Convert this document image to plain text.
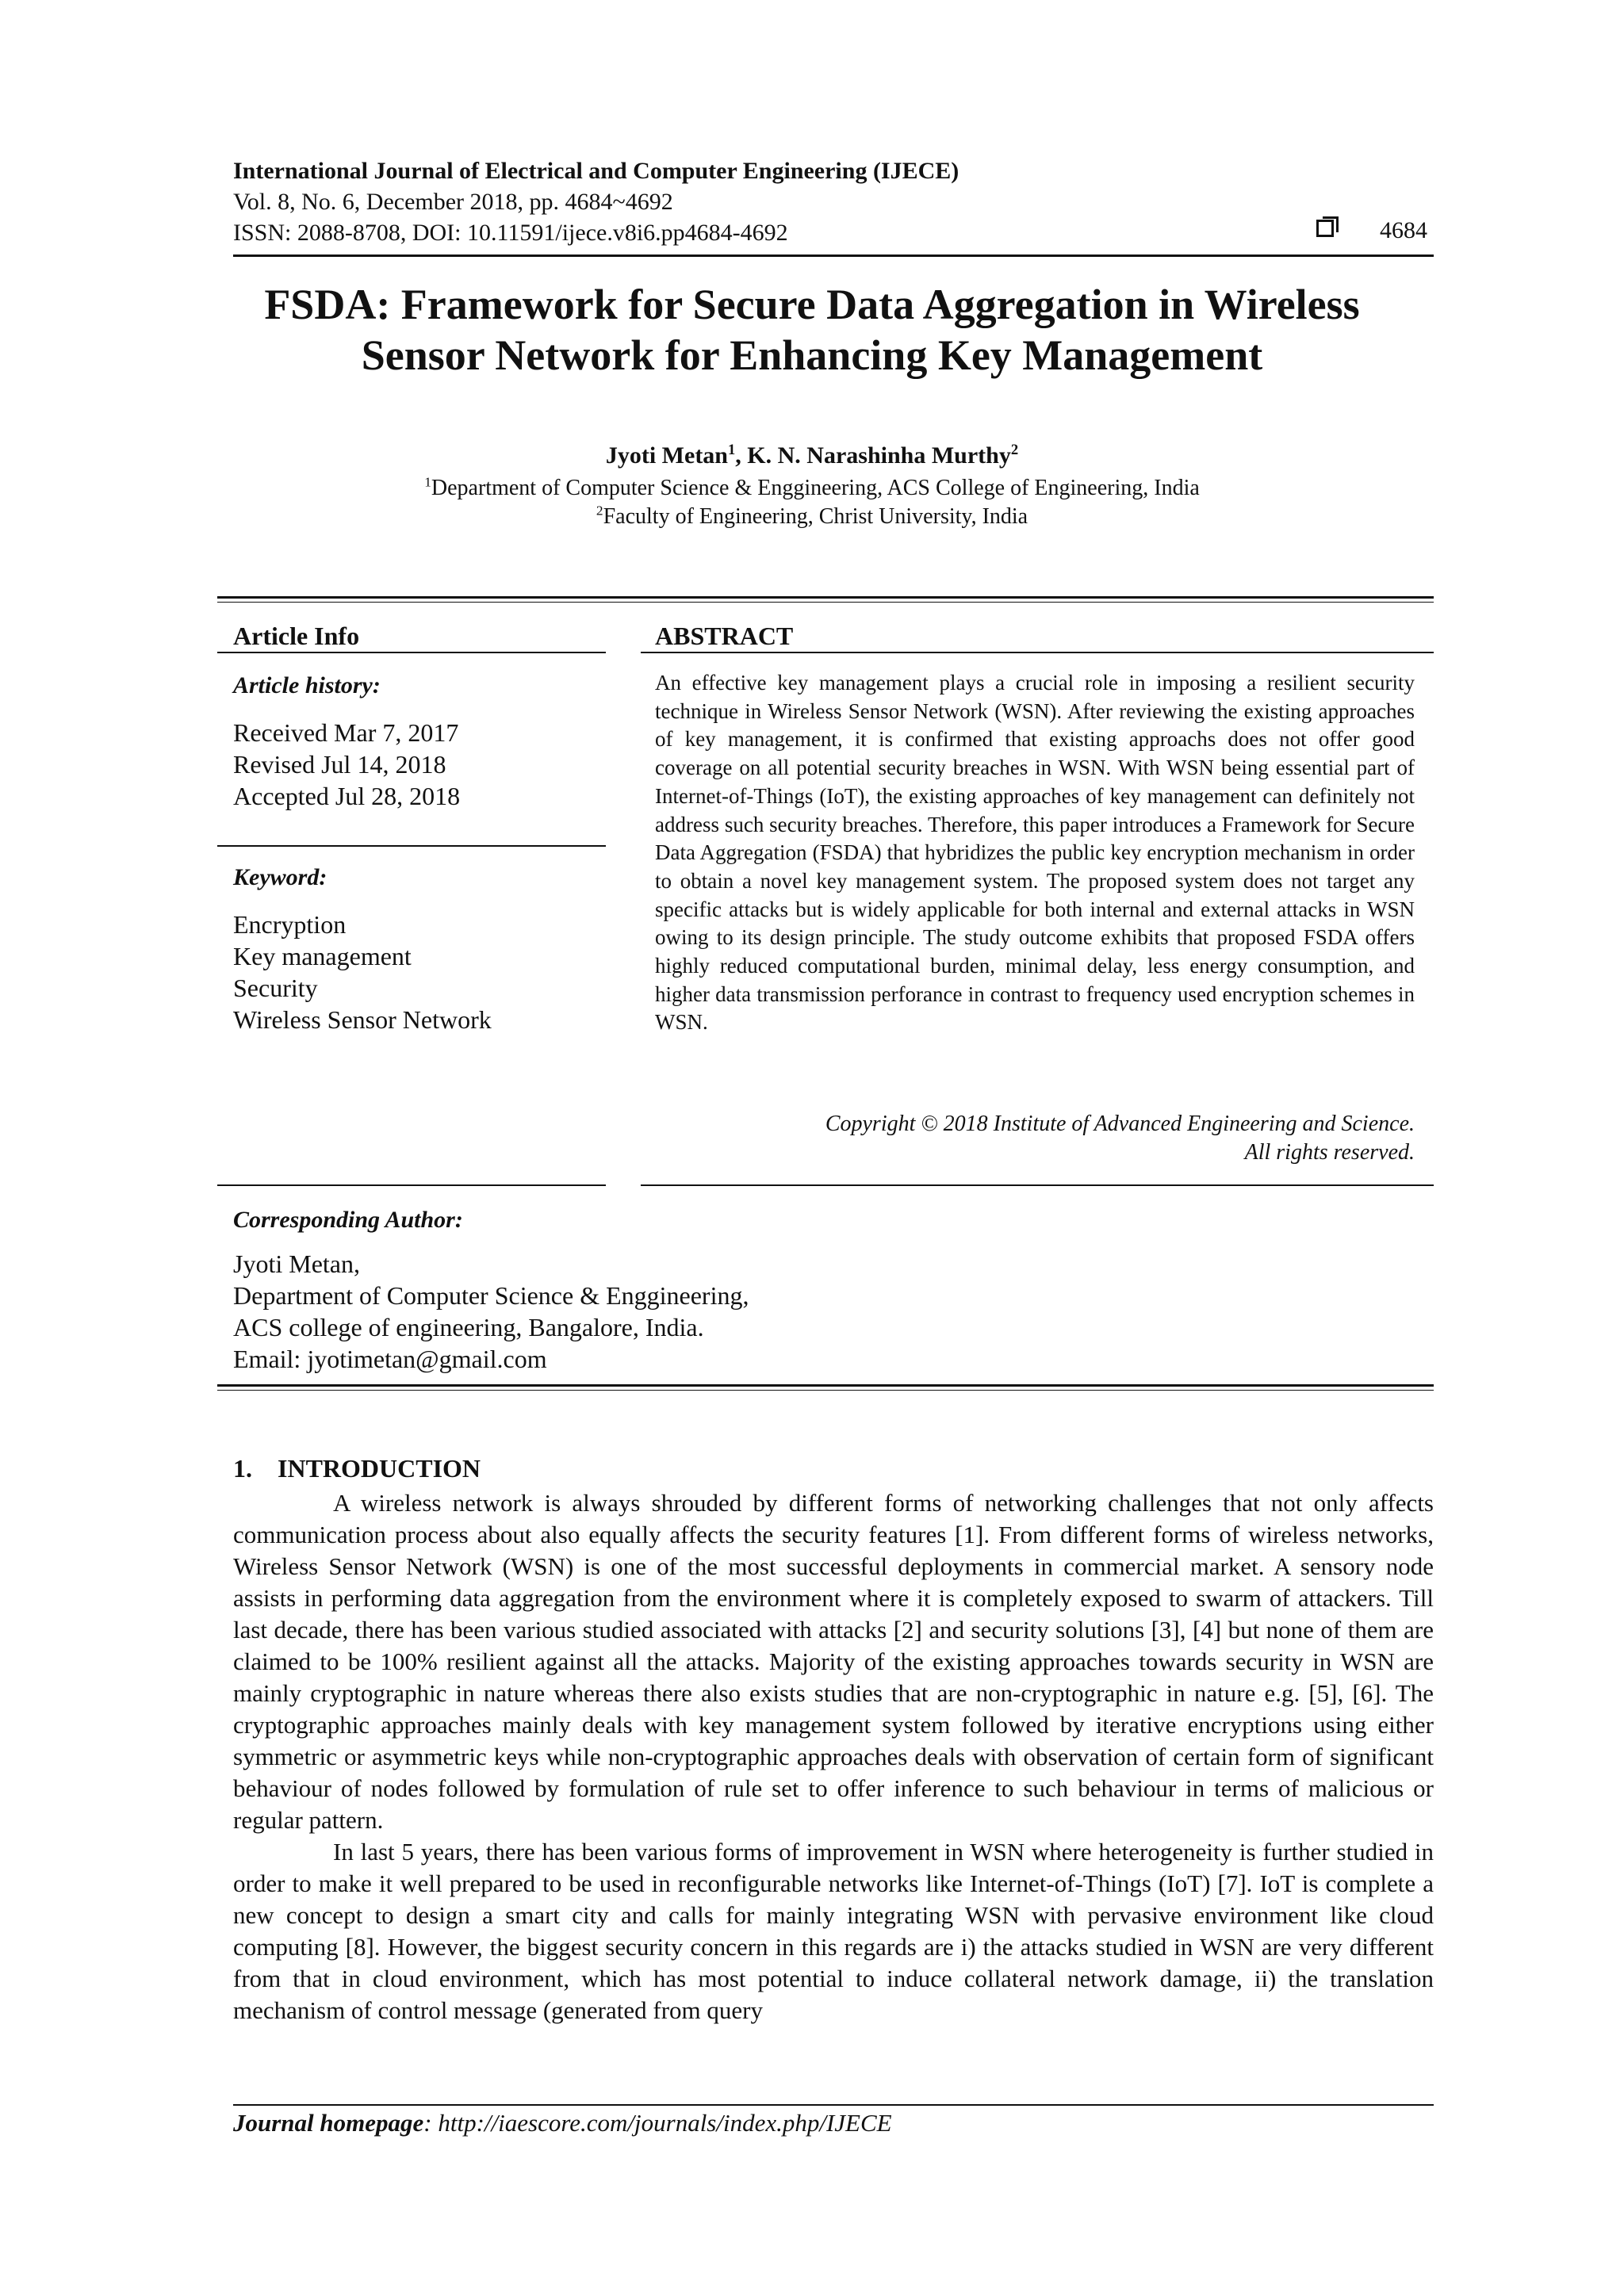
International Journal of Electrical and Computer Engineering (IJECE)
Vol. 8, No. 6, December 2018, pp. 4684~4692
ISSN: 2088-8708, DOI: 10.11591/ijece.v8i6.pp4684-4692	4684
FSDA: Framework for Secure Data Aggregation in Wireless
Sensor Network for Enhancing Key Management
Jyoti Metan$^1$, K. N. Narashinha Murthy$^2$
$^1$Department of Computer Science & Enggineering, ACS College of Engineering, India
$^2$Faculty of Engineering, Christ University, India
Article Info
Article history:
Received Mar 7, 2017
Revised Jul 14, 2018
Accepted Jul 28, 2018
Keyword:
Encryption
Key management
Security
Wireless Sensor Network
ABSTRACT
An effective key management plays a crucial role in imposing a resilient security technique in Wireless Sensor Network (WSN). After reviewing the existing approaches of key management, it is confirmed that existing approachs does not offer good coverage on all potential security breaches in WSN. With WSN being essential part of Internet-of-Things (IoT), the existing approaches of key management can definitely not address such security breaches. Therefore, this paper introduces a Framework for Secure Data Aggregation (FSDA) that hybridizes the public key encryption mechanism in order to obtain a novel key management system. The proposed system does not target any specific attacks but is widely applicable for both internal and external attacks in WSN owing to its design principle. The study outcome exhibits that proposed FSDA offers highly reduced computational burden, minimal delay, less energy consumption, and higher data transmission perforance in contrast to frequency used encryption schemes in WSN.
Copyright © 2018 Institute of Advanced Engineering and Science.
All rights reserved.
Corresponding Author:
Jyoti Metan,
Department of Computer Science & Enggineering,
ACS college of engineering, Bangalore, India.
Email: jyotimetan@gmail.com
1.    INTRODUCTION

A wireless network is always shrouded by different forms of networking challenges that not only affects communication process about also equally affects the security features [1]. From different forms of wireless networks, Wireless Sensor Network (WSN) is one of the most successful deployments in commercial market. A sensory node assists in performing data aggregation from the environment where it is completely exposed to swarm of attackers. Till last decade, there has been various studied associated with attacks [2] and security solutions [3], [4] but none of them are claimed to be 100% resilient against all the attacks. Majority of the existing approaches towards security in WSN are mainly cryptographic in nature whereas there also exists studies that are non-cryptographic in nature e.g. [5], [6]. The cryptographic approaches mainly deals with key management system followed by iterative encryptions using either symmetric or asymmetric keys while non-cryptographic approaches deals with observation of certain form of significant behaviour of nodes followed by formulation of rule set to offer inference to such behaviour in terms of malicious or regular pattern.

In last 5 years, there has been various forms of improvement in WSN where heterogeneity is further studied in order to make it well prepared to be used in reconfigurable networks like Internet-of-Things (IoT) [7]. IoT is complete a new concept to design a smart city and calls for mainly integrating WSN with pervasive environment like cloud computing [8]. However, the biggest security concern in this regards are i) the attacks studied in WSN are very different from that in cloud environment, which has most potential to induce collateral network damage, ii) the translation mechanism of control message (generated from query

Journal homepage: http://iaescore.com/journals/index.php/IJECE
